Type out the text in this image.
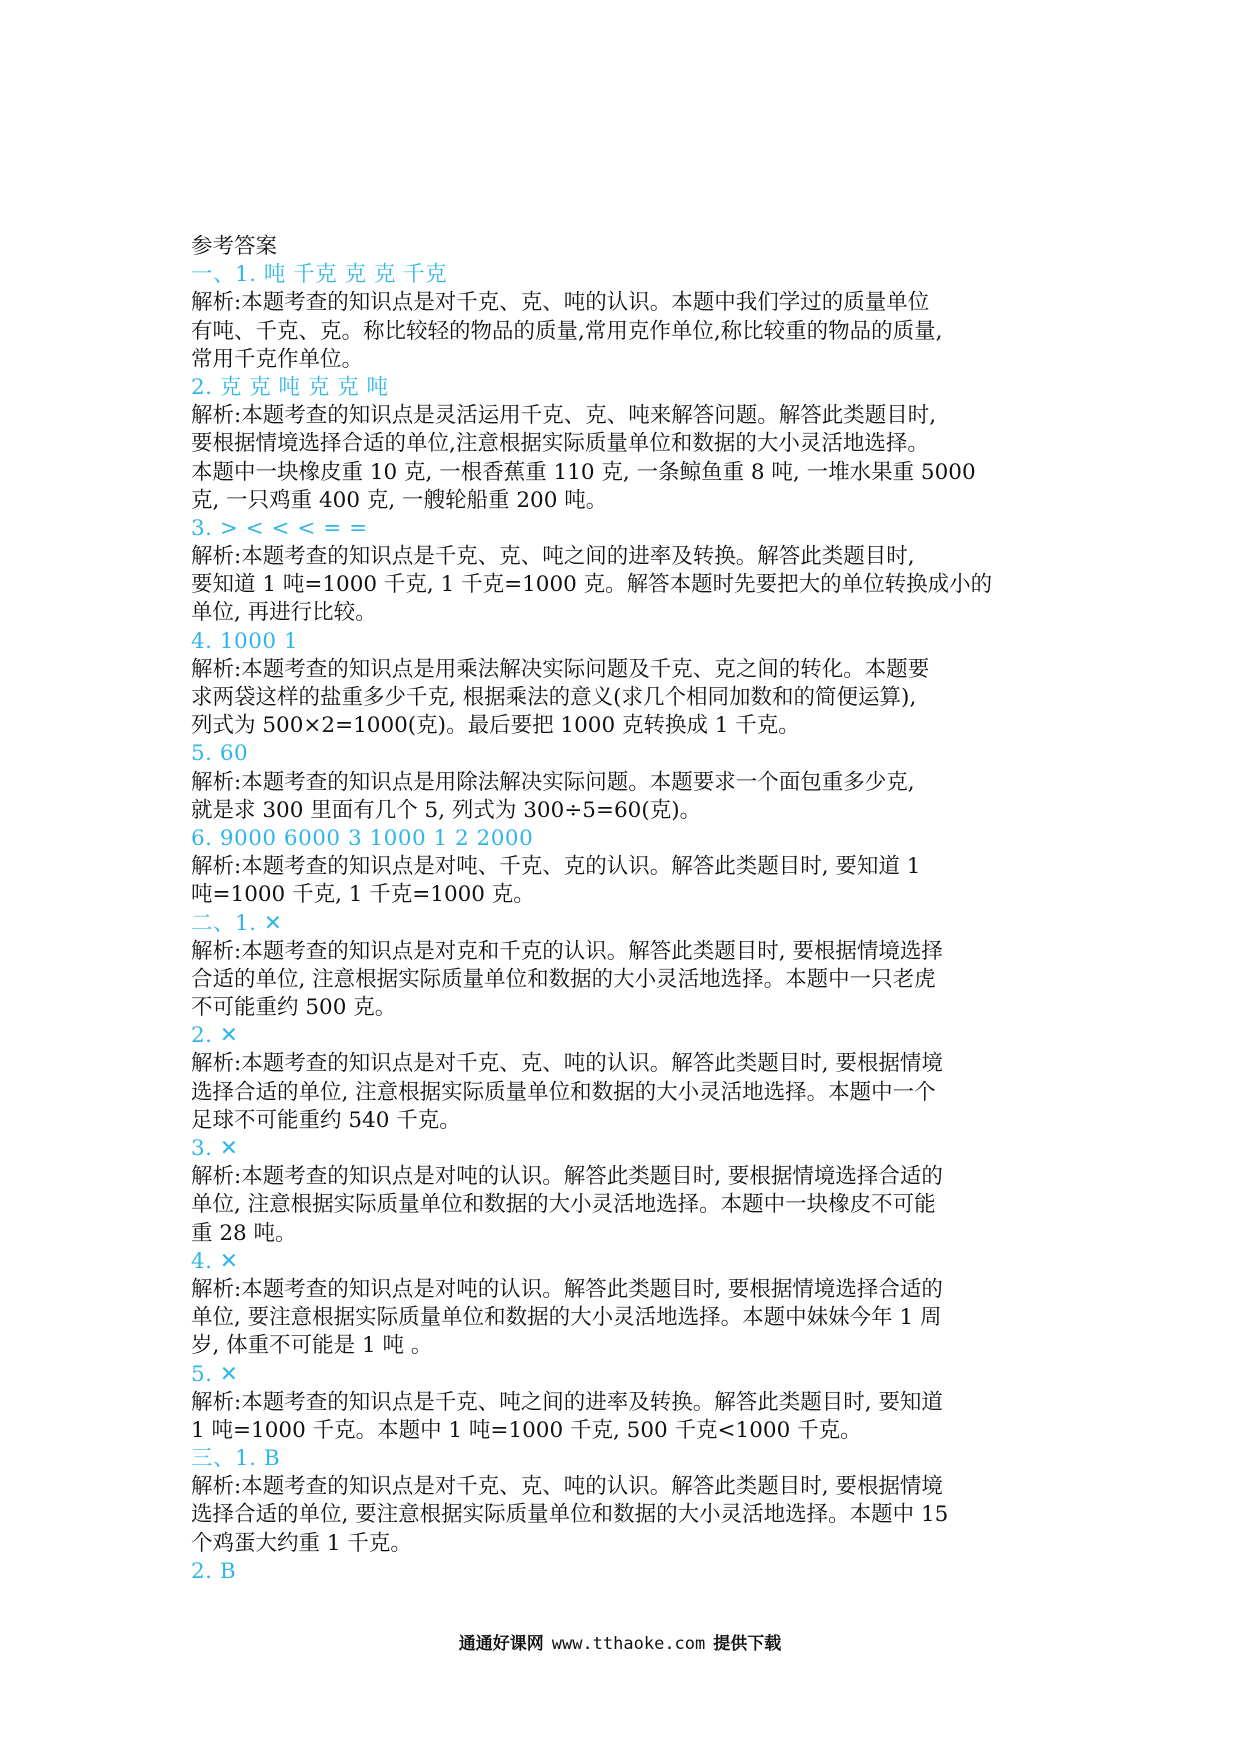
参考答案
一、1. 吨 千克 克 克 千克
解析:本题考查的知识点是对千克、克、吨的认识。本题中我们学过的质量单位
有吨、千克、克。称比较轻的物品的质量,常用克作单位,称比较重的物品的质量,
常用千克作单位。
2. 克 克 吨 克 克 吨
解析:本题考查的知识点是灵活运用千克、克、吨来解答问题。解答此类题目时,
要根据情境选择合适的单位,注意根据实际质量单位和数据的大小灵活地选择。
本题中一块橡皮重 10 克, 一根香蕉重 110 克, 一条鲸鱼重 8 吨, 一堆水果重 5000
克, 一只鸡重 400 克, 一艘轮船重 200 吨。
3. > < < < = =
解析:本题考查的知识点是千克、克、吨之间的进率及转换。解答此类题目时,
要知道 1 吨=1000 千克, 1 千克=1000 克。解答本题时先要把大的单位转换成小的
单位, 再进行比较。
4. 1000 1
解析:本题考查的知识点是用乘法解决实际问题及千克、克之间的转化。本题要
求两袋这样的盐重多少千克, 根据乘法的意义(求几个相同加数和的简便运算),
列式为 500×2=1000(克)。最后要把 1000 克转换成 1 千克。
5. 60
解析:本题考查的知识点是用除法解决实际问题。本题要求一个面包重多少克,
就是求 300 里面有几个 5, 列式为 300÷5=60(克)。
6. 9000 6000 3 1000 1 2 2000
解析:本题考查的知识点是对吨、千克、克的认识。解答此类题目时, 要知道 1
吨=1000 千克, 1 千克=1000 克。
二、1. ✕
解析:本题考查的知识点是对克和千克的认识。解答此类题目时, 要根据情境选择
合适的单位, 注意根据实际质量单位和数据的大小灵活地选择。本题中一只老虎
不可能重约 500 克。
2. ✕
解析:本题考查的知识点是对千克、克、吨的认识。解答此类题目时, 要根据情境
选择合适的单位, 注意根据实际质量单位和数据的大小灵活地选择。本题中一个
足球不可能重约 540 千克。
3. ✕
解析:本题考查的知识点是对吨的认识。解答此类题目时, 要根据情境选择合适的
单位, 注意根据实际质量单位和数据的大小灵活地选择。本题中一块橡皮不可能
重 28 吨。
4. ✕
解析:本题考查的知识点是对吨的认识。解答此类题目时, 要根据情境选择合适的
单位, 要注意根据实际质量单位和数据的大小灵活地选择。本题中妹妹今年 1 周
岁, 体重不可能是 1 吨 。
5. ✕
解析:本题考查的知识点是千克、吨之间的进率及转换。解答此类题目时, 要知道
1 吨=1000 千克。本题中 1 吨=1000 千克, 500 千克<1000 千克。
三、1. B
解析:本题考查的知识点是对千克、克、吨的认识。解答此类题目时, 要根据情境
选择合适的单位, 要注意根据实际质量单位和数据的大小灵活地选择。本题中 15
个鸡蛋大约重 1 千克。
2. B
通通好课网 www.tthaoke.com 提供下载
